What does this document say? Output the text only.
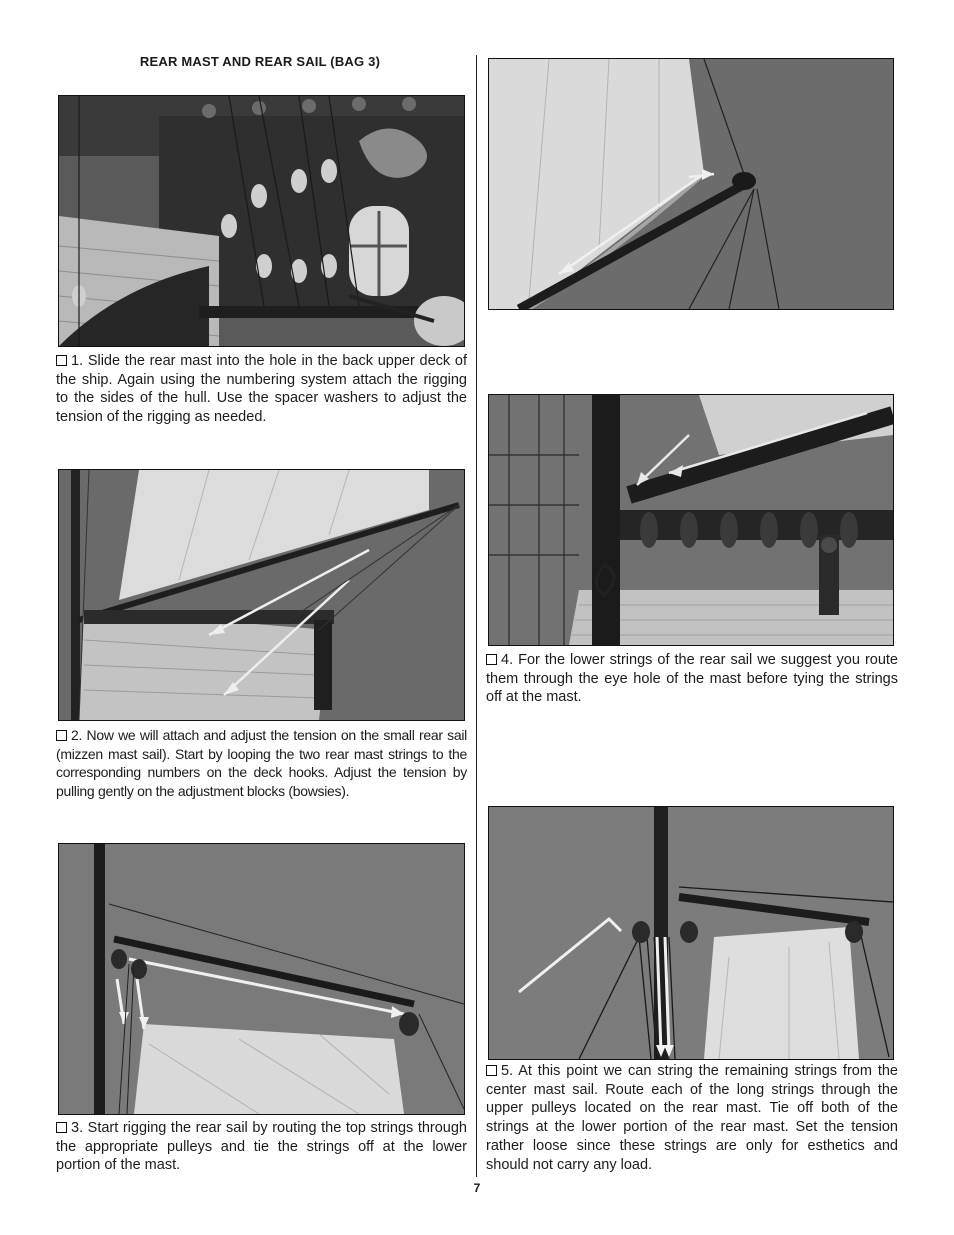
REAR MAST AND REAR SAIL (BAG 3)
1. Slide the rear mast into the hole in the back upper deck of the ship. Again using the numbering system attach the rigging to the sides of the hull. Use the spacer washers to adjust the tension of the rigging as needed.
2. Now we will attach and adjust the tension on the small rear sail (mizzen mast sail). Start by looping the two rear mast strings to the corresponding numbers on the deck hooks. Adjust the tension by pulling gently on the adjustment blocks (bowsies).
3. Start rigging the rear sail by routing the top strings through the appropriate pulleys and tie the strings off at the lower portion of the mast.
4. For the lower strings of the rear sail we suggest you route them through the eye hole of the mast before tying the strings off at the mast.
5. At this point we can string the remaining strings from the center mast sail. Route each of the long strings through the upper pulleys located on the rear mast. Tie off both of the strings at the lower portion of the rear mast. Set the tension rather loose since these strings are only for esthetics and should not carry any load.
7
